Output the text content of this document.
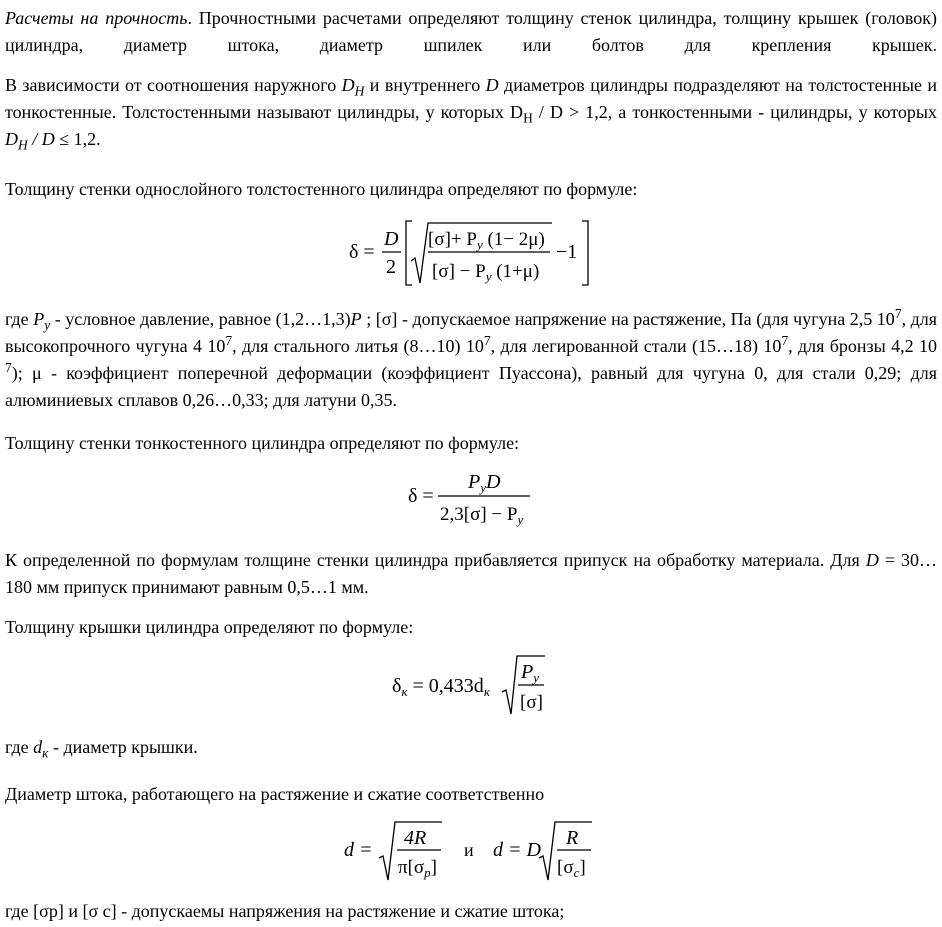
Расчеты на прочность. Прочностными расчетами определяют толщину стенок цилиндра, толщину крышек (головок) цилиндра, диаметр штока, диаметр шпилек или болтов для крепления крышек.
В зависимости от соотношения наружного $D_H$ и внутреннего D диаметров цилиндры подразделяют на толстостенные и тонкостенные. Толстостенными называют цилиндры, у которых $D_H / D > 1,2$, а тонкостенными - цилиндры, у которых $D_H / D \le 1,2$.
Толщину стенки однослойного толстостенного цилиндра определяют по формуле:
δ =
D
2
$[\sigma]+ P_y$ (1− 2μ)
$[\sigma] - P_y$ (1+μ)
−1
где $P_y$ - условное давление, равное (1,2…1,3)P ; [σ] - допускаемое напряжение на растяжение, Па (для чугуна 2,5 $10^7$, для высокопрочного чугуна 4 $10^7$, для стального литья (8…10) $10^7$, для легированной стали (15…18) $10^7$, для бронзы 4,2 10 $^7$); μ - коэффициент поперечной деформации (коэффициент Пуассона), равный для чугуна 0, для стали 0,29; для алюминиевых сплавов 0,26…0,33; для латуни 0,35.
Толщину стенки тонкостенного цилиндра определяют по формуле:
δ =
$P_yD$
$2,3[\sigma] - P_y$
К определенной по формулам толщине стенки цилиндра прибавляется припуск на обработку материала. Для D = 30…180 мм припуск принимают равным 0,5…1 мм.
Толщину крышки цилиндра определяют по формуле:
$\delta_к = 0,433d_к$
$P_y$
[σ]
где $d_к$ - диаметр крышки.
Диаметр штока, работающего на растяжение и сжатие соответственно
d =
4R
$\pi[\sigma_p]$
и d = D
R
$[\sigma_c]$
где [σр] и [σ с] - допускаемы напряжения на растяжение и сжатие штока;
